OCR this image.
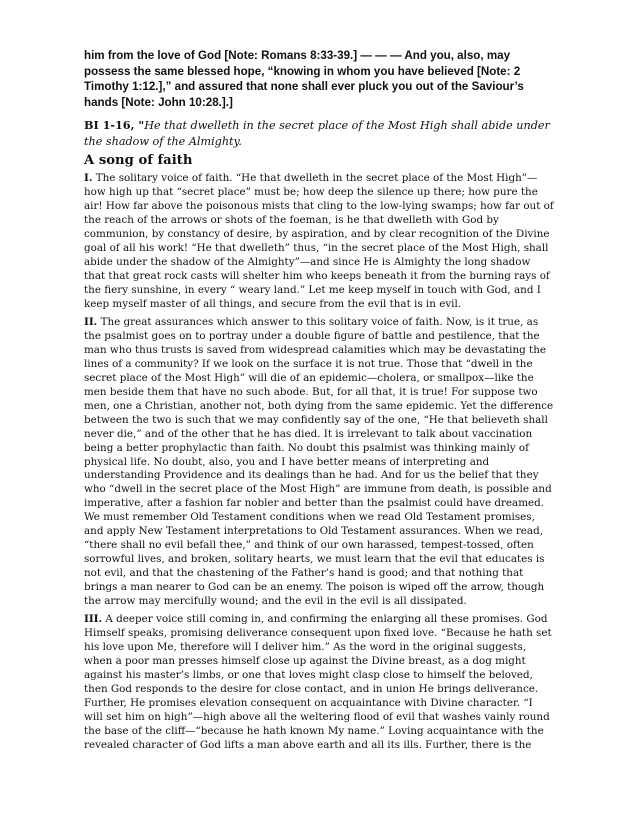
him from the love of God [Note: Romans 8:33-39.] — — — And you, also, may possess the same blessed hope, “knowing in whom you have believed [Note: 2 Timothy 1:12.],” and assured that none shall ever pluck you out of the Saviour’s hands [Note: John 10:28.].]

BI 1-16, "He that dwelleth in the secret place of the Most High shall abide under the shadow of the Almighty.

A song of faith

I. The solitary voice of faith. “He that dwelleth in the secret place of the Most High”—how high up that “secret place” must be; how deep the silence up there; how pure the air! How far above the poisonous mists that cling to the low-lying swamps; how far out of the reach of the arrows or shots of the foeman, is he that dwelleth with God by communion, by constancy of desire, by aspiration, and by clear recognition of the Divine goal of all his work! “He that dwelleth” thus, “in the secret place of the Most High, shall abide under the shadow of the Almighty”—and since He is Almighty the long shadow that that great rock casts will shelter him who keeps beneath it from the burning rays of the fiery sunshine, in every “ weary land.” Let me keep myself in touch with God, and I keep myself master of all things, and secure from the evil that is in evil.

II. The great assurances which answer to this solitary voice of faith. Now, is it true, as the psalmist goes on to portray under a double figure of battle and pestilence, that the man who thus trusts is saved from widespread calamities which may be devastating the lines of a community? If we look on the surface it is not true. Those that “dwell in the secret place of the Most High” will die of an epidemic—cholera, or smallpox—like the men beside them that have no such abode. But, for all that, it is true! For suppose two men, one a Christian, another not, both dying from the same epidemic. Yet the difference between the two is such that we may confidently say of the one, “He that believeth shall never die,” and of the other that he has died. It is irrelevant to talk about vaccination being a better prophylactic than faith. No doubt this psalmist was thinking mainly of physical life. No doubt, also, you and I have better means of interpreting and understanding Providence and its dealings than he had. And for us the belief that they who “dwell in the secret place of the Most High” are immune from death, is possible and imperative, after a fashion far nobler and better than the psalmist could have dreamed. We must remember Old Testament conditions when we read Old Testament promises, and apply New Testament interpretations to Old Testament assurances. When we read, “there shall no evil befall thee,” and think of our own harassed, tempest-tossed, often sorrowful lives, and broken, solitary hearts, we must learn that the evil that educates is not evil, and that the chastening of the Father’s hand is good; and that nothing that brings a man nearer to God can be an enemy. The poison is wiped off the arrow, though the arrow may mercifully wound; and the evil in the evil is all dissipated.

III. A deeper voice still coming in, and confirming the enlarging all these promises. God Himself speaks, promising deliverance consequent upon fixed love. “Because he hath set his love upon Me, therefore will I deliver him.” As the word in the original suggests, when a poor man presses himself close up against the Divine breast, as a dog might against his master’s limbs, or one that loves might clasp close to himself the beloved, then God responds to the desire for close contact, and in union He brings deliverance. Further, He promises elevation consequent on acquaintance with Divine character. “I will set him on high”—high above all the weltering flood of evil that washes vainly round the base of the cliff—“because he hath known My name.” Loving acquaintance with the revealed character of God lifts a man above earth and all its ills. Further, there is the
